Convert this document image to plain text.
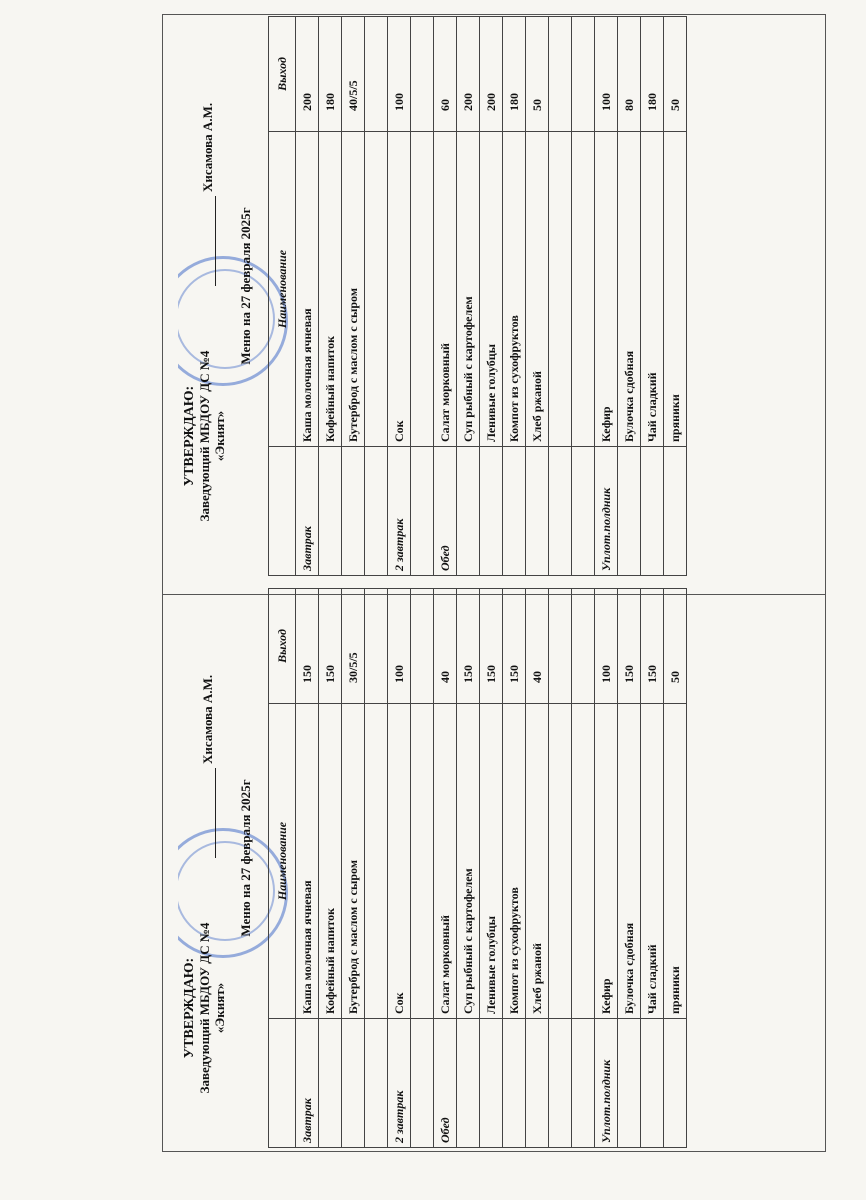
УТВЕРЖДАЮ: Заведующий МБДОУ ДС №4 «Экият»
Хисамова А.М.
Меню на 27 февраля 2025г
	Наименование	Выход
Завтрак	Каша молочная ячневая	150
	Кофейный напиток	150
	Бутерброд с маслом с сыром	30/5/5

2 завтрак	Сок	100

Обед	Салат морковный	40
	Суп рыбный с картофелем	150
	Ленивые голубцы	150
	Компот из сухофруктов	150
	Хлеб ржаной	40

Уплот.полдник	Кефир	100
	Булочка сдобная	150
	Чай сладкий	150
	пряники	50
УТВЕРЖДАЮ: Заведующий МБДОУ ДС №4 «Экият»
Хисамова А.М.
Меню на 27 февраля 2025г
	Наименование	Выход
Завтрак	Каша молочная ячневая	200
	Кофейный напиток	180
	Бутерброд с маслом с сыром	40/5/5

2 завтрак	Сок	100

Обед	Салат морковный	60
	Суп рыбный с картофелем	200
	Ленивые голубцы	200
	Компот из сухофруктов	180
	Хлеб ржаной	50

Уплот.полдник	Кефир	100
	Булочка сдобная	80
	Чай сладкий	180
	пряники	50
